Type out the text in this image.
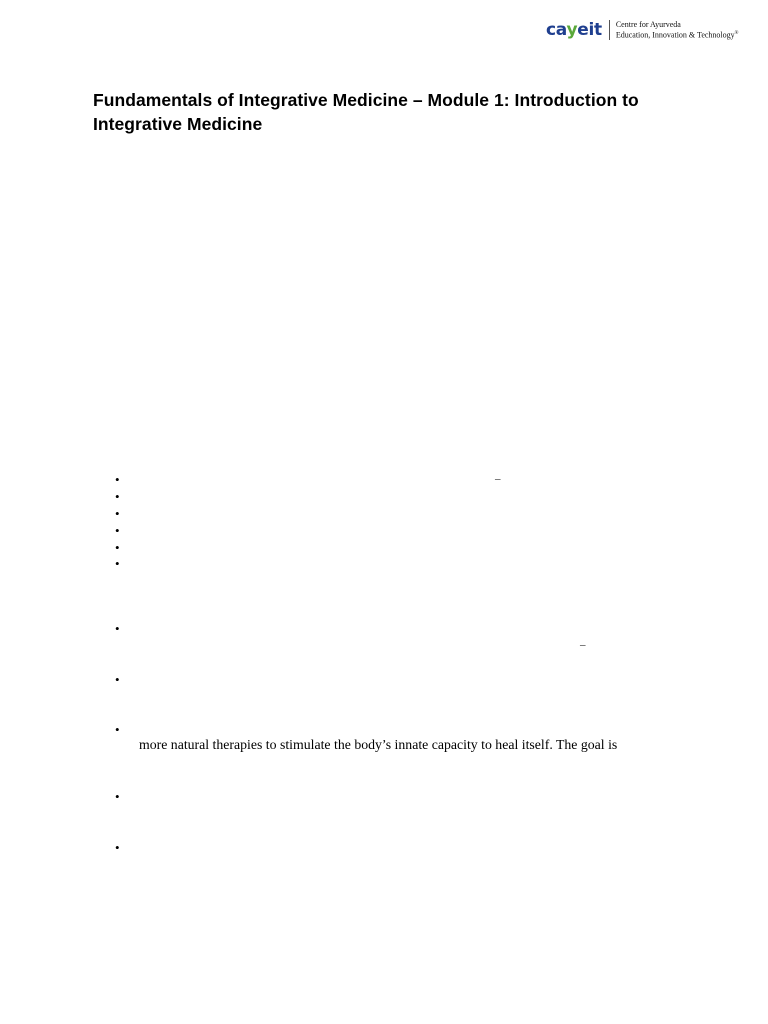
cayeit Centre for Ayurveda
Education, Innovation & Technology®
Fundamentals of Integrative Medicine – Module 1: Introduction to Integrative Medicine
•	–
•
•
•
•
•
•
–
•
•
more natural therapies to stimulate the body’s innate capacity to heal itself. The goal is
•
•
